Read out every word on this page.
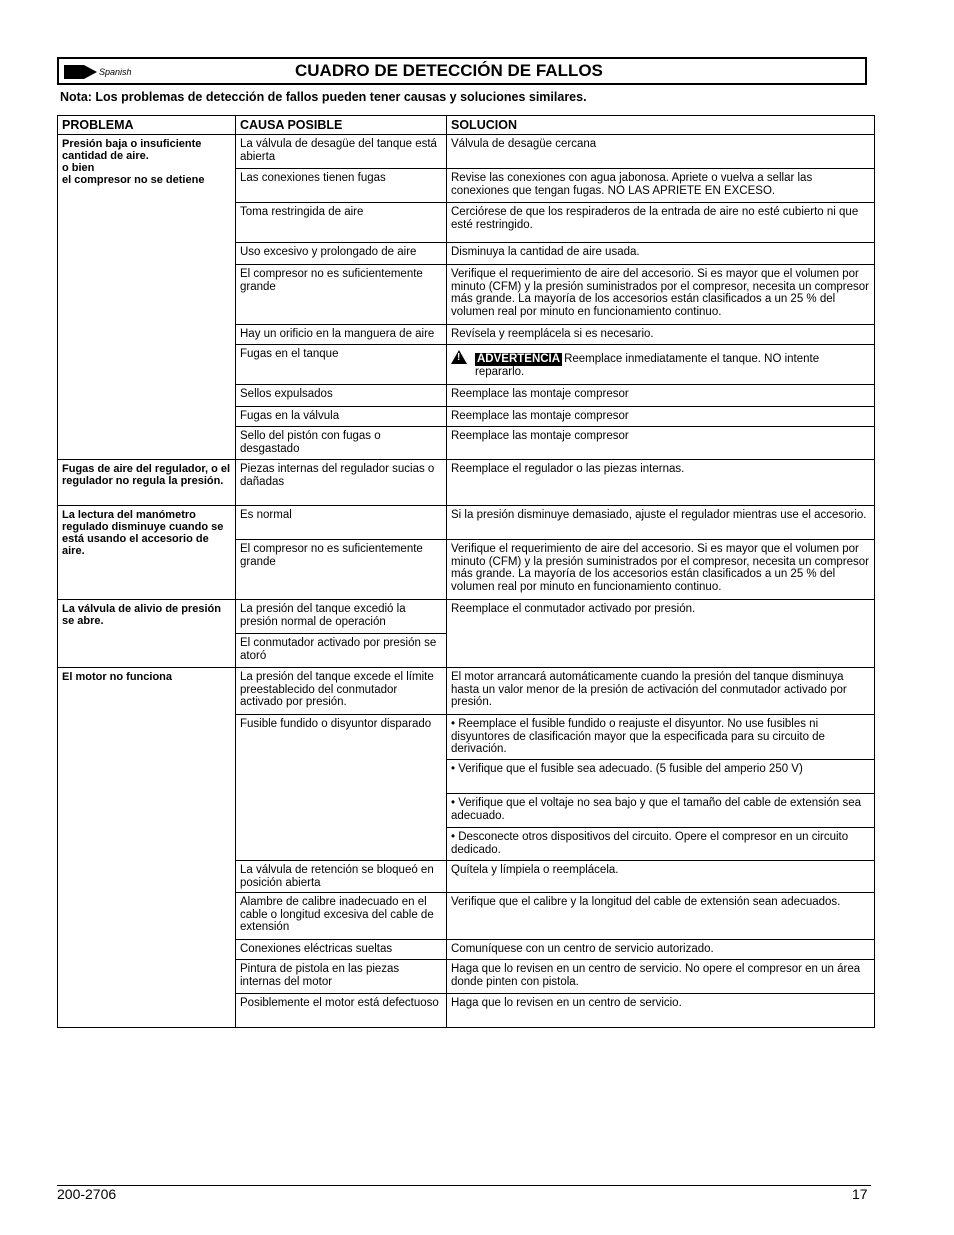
Spanish	CUADRO DE DETECCIÓN DE FALLOS
Nota: Los problemas de detección de fallos pueden tener causas y soluciones similares.
PROBLEMA	CAUSA POSIBLE	SOLUCION

Presión baja o insuficiente cantidad de aire.
o bien
el compresor no se detiene	La válvula de desagüe del tanque está abierta	Válvula de desagüe cercana
	Las conexiones tienen fugas	Revise las conexiones con agua jabonosa. Apriete o vuelva a sellar las conexiones que tengan fugas. NO LAS APRIETE EN EXCESO.
	Toma restringida de aire	Cerciórese de que los respiraderos de la entrada de aire no esté cubierto ni que esté restringido.
	Uso excesivo y prolongado de aire	Disminuya la cantidad de aire usada.
	El compresor no es suficientemente grande	Verifique el requerimiento de aire del accesorio. Si es mayor que el volumen por minuto (CFM) y la presión suministrados por el compresor, necesita un compresor más grande. La mayoría de los accesorios están clasificados a un 25 % del volumen real por minuto en funcionamiento continuo.
	Hay un orificio en la manguera de aire	Revísela y reemplácela si es necesario.
	Fugas en el tanque	!ADVERTENCIA Reemplace inmediatamente el tanque. NO intente
repararlo.

	Sellos expulsados	Reemplace las montaje compresor
	Fugas en la válvula	Reemplace las montaje compresor
	Sello del pistón con fugas o desgastado	Reemplace las montaje compresor

Fugas de aire del regulador, o el regulador no regula la presión.	Piezas internas del regulador sucias o dañadas	Reemplace el regulador o las piezas internas.

La lectura del manómetro regulado disminuye cuando se está usando el accesorio de aire.	Es normal	Si la presión disminuye demasiado, ajuste el regulador mientras use el accesorio.
	El compresor no es suficientemente grande	Verifique el requerimiento de aire del accesorio. Si es mayor que el volumen por minuto (CFM) y la presión suministrados por el compresor, necesita un compresor más grande. La mayoría de los accesorios están clasificados a un 25 % del volumen real por minuto en funcionamiento continuo.

La válvula de alivio de presión se abre.	La presión del tanque excedió la presión normal de operación	Reemplace el conmutador activado por presión.
	El conmutador activado por presión se atoró	

El motor no funciona	La presión del tanque excede el límite preestablecido del conmutador activado por presión.	El motor arrancará automáticamente cuando la presión del tanque disminuya hasta un valor menor de la presión de activación del conmutador activado por presión.
	Fusible fundido o disyuntor disparado	• Reemplace el fusible fundido o reajuste el disyuntor. No use fusibles ni disyuntores de clasificación mayor que la especificada para su circuito de derivación.
		• Verifique que el fusible sea adecuado. (5 fusible del amperio 250 V)
		• Verifique que el voltaje no sea bajo y que el tamaño del cable de extensión sea adecuado.
		• Desconecte otros dispositivos del circuito. Opere el compresor en un circuito dedicado.
	La válvula de retención se bloqueó en posición abierta	Quítela y límpiela o reemplácela.
	Alambre de calibre inadecuado en el cable o longitud excesiva del cable de extensión	Verifique que el calibre y la longitud del cable de extensión sean adecuados.
	Conexiones eléctricas sueltas	Comuníquese con un centro de servicio autorizado.
	Pintura de pistola en las piezas internas del motor	Haga que lo revisen en un centro de servicio. No opere el compresor en un área donde pinten con pistola.
	Posiblemente el motor está defectuoso	Haga que lo revisen en un centro de servicio.
200-2706	17
